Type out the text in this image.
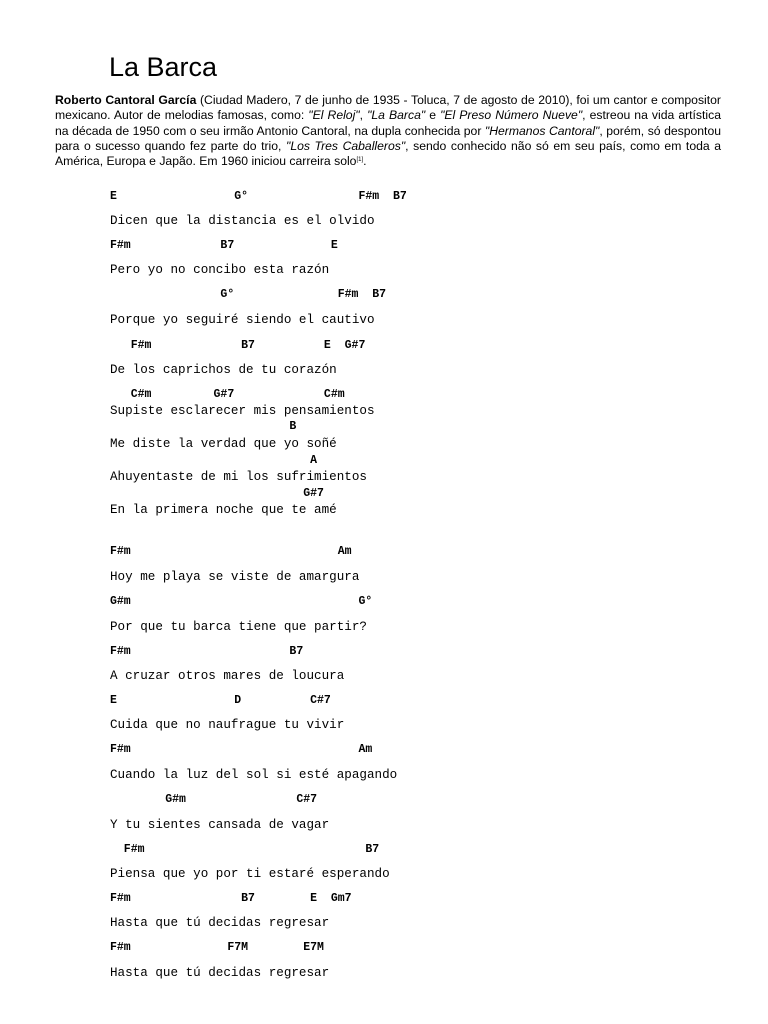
La Barca

Roberto Cantoral García (Ciudad Madero, 7 de junho de 1935 - Toluca, 7 de agosto de 2010), foi um cantor e compositor mexicano. Autor de melodias famosas, como: "El Reloj", "La Barca" e "El Preso Número Nueve", estreou na vida artística na década de 1950 com o seu irmão Antonio Cantoral, na dupla conhecida por "Hermanos Cantoral", porém, só despontou para o sucesso quando fez parte do trio, "Los Tres Caballeros", sendo conhecido não só em seu país, como em toda a América, Europa e Japão. Em 1960 iniciou carreira solo[1].

E                 G°                F#m  B7
Dicen que la distancia es el olvido
F#m             B7              E
Pero yo no concibo esta razón
G°               F#m  B7
Porque yo seguiré siendo el cautivo
F#m             B7          E  G#7
De los caprichos de tu corazón
C#m         G#7             C#m
Supiste esclarecer mis pensamientos
B
Me diste la verdad que yo soñé
A
Ahuyentaste de mi los sufrimientos
G#7
En la primera noche que te amé
F#m                              Am
Hoy me playa se viste de amargura
G#m                                 G°
Por que tu barca tiene que partir?
F#m                       B7
A cruzar otros mares de loucura
E                 D          C#7
Cuida que no naufrague tu vivir
F#m                                 Am
Cuando la luz del sol si esté apagando
G#m                C#7
Y tu sientes cansada de vagar
F#m                                B7
Piensa que yo por ti estaré esperando
F#m                B7        E  Gm7
Hasta que tú decidas regresar
F#m              F7M        E7M
Hasta que tú decidas regresar
